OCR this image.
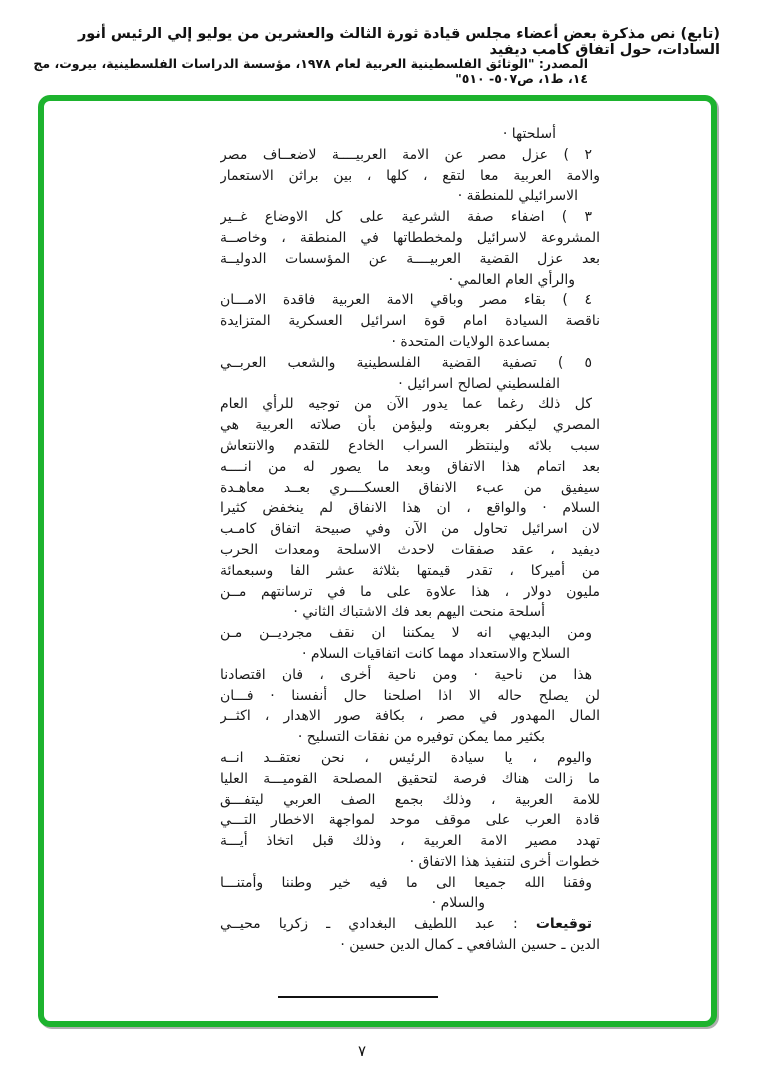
(تابع) نص مذكرة بعض أعضاء مجلس قيادة ثورة الثالث والعشرين من يوليو إلي الرئيس أنور السادات، حول اتفاق كامب ديفيد
المصدر: "الوثائق الفلسطينية العربية لعام ١٩٧٨، مؤسسة الدراسات الفلسطينية، بيروت، مج ١٤، ط١، ص٥٠٧- ٥١٠"
أسلحتها ·
٢ ) عزل مصر عن الامة العربيــــة لاضعــاف مصر
والامة العربية معا لتقع ، كلها ، بين براثن الاستعمار
الاسرائيلي للمنطقة ·
٣ ) اضفاء صفة الشرعية على كل الاوضاع غــير
المشروعة لاسرائيل ولمخططاتها في المنطقة ، وخاصــة
بعد عزل القضية العربيــــة عن المؤسسات الدوليــة
والرأي العام العالمي ·
٤ ) بقاء مصر وباقي الامة العربية فاقدة الامـــان
ناقصة السيادة امام قوة اسرائيل العسكرية المتزايدة
بمساعدة الولايات المتحدة ·
٥ ) تصفية القضية الفلسطينية والشعب العربــي
الفلسطيني لصالح اسرائيل ·
كل ذلك رغما عما يدور الآن من توجيه للرأي العام
المصري ليكفر بعروبته وليؤمن بأن صلاته العربية هي
سبب بلائه ولينتظر السراب الخادع للتقدم والانتعاش
بعد اتمام هذا الاتفاق وبعد ما يصور له من انــــه
سيفيق من عبء الانفاق العسكــــري بعــد معاهـدة
السلام · والواقع ، ان هذا الانفاق لم ينخفض كثيرا
لان اسرائيل تحاول من الآن وفي صبيحة اتفاق كامـب
ديفيد ، عقد صفقات لاحدث الاسلحة ومعدات الحرب
من أميركا ، تقدر قيمتها بثلاثة عشر الفا وسبعمائة
مليون دولار ، هذا علاوة على ما في ترسانتهم مــن
أسلحة منحت اليهم بعد فك الاشتباك الثاني ·
ومن البديهي انه لا يمكننا ان نقف مجرديــن مـن
السلاح والاستعداد مهما كانت اتفاقيات السلام ·
هذا من ناحية · ومن ناحية أخرى ، فان اقتصادنا
لن يصلح حاله الا اذا اصلحنا حال أنفسنا · فـــان
المال المهدور في مصر ، بكافة صور الاهدار ، اكثــر
بكثير مما يمكن توفيره من نفقات التسليح ·
واليوم ، يا سيادة الرئيس ، نحن نعتقــد انــه
ما زالت هناك فرصة لتحقيق المصلحة القوميـــة العليا
للامة العربية ، وذلك بجمع الصف العربي ليتفـــق
قادة العرب على موقف موحد لمواجهة الاخطار التـــي
تهدد مصير الامة العربية ، وذلك قبل اتخاذ أيـــة
خطوات أخرى لتنفيذ هذا الاتفاق ·
وفقنا الله جميعا الى ما فيه خير وطننا وأمتنـــا
والسلام ·
توقيعات : عبد اللطيف البغدادي ـ زكريا محيــي
الدين ـ حسين الشافعي ـ كمال الدين حسين ·
٧
